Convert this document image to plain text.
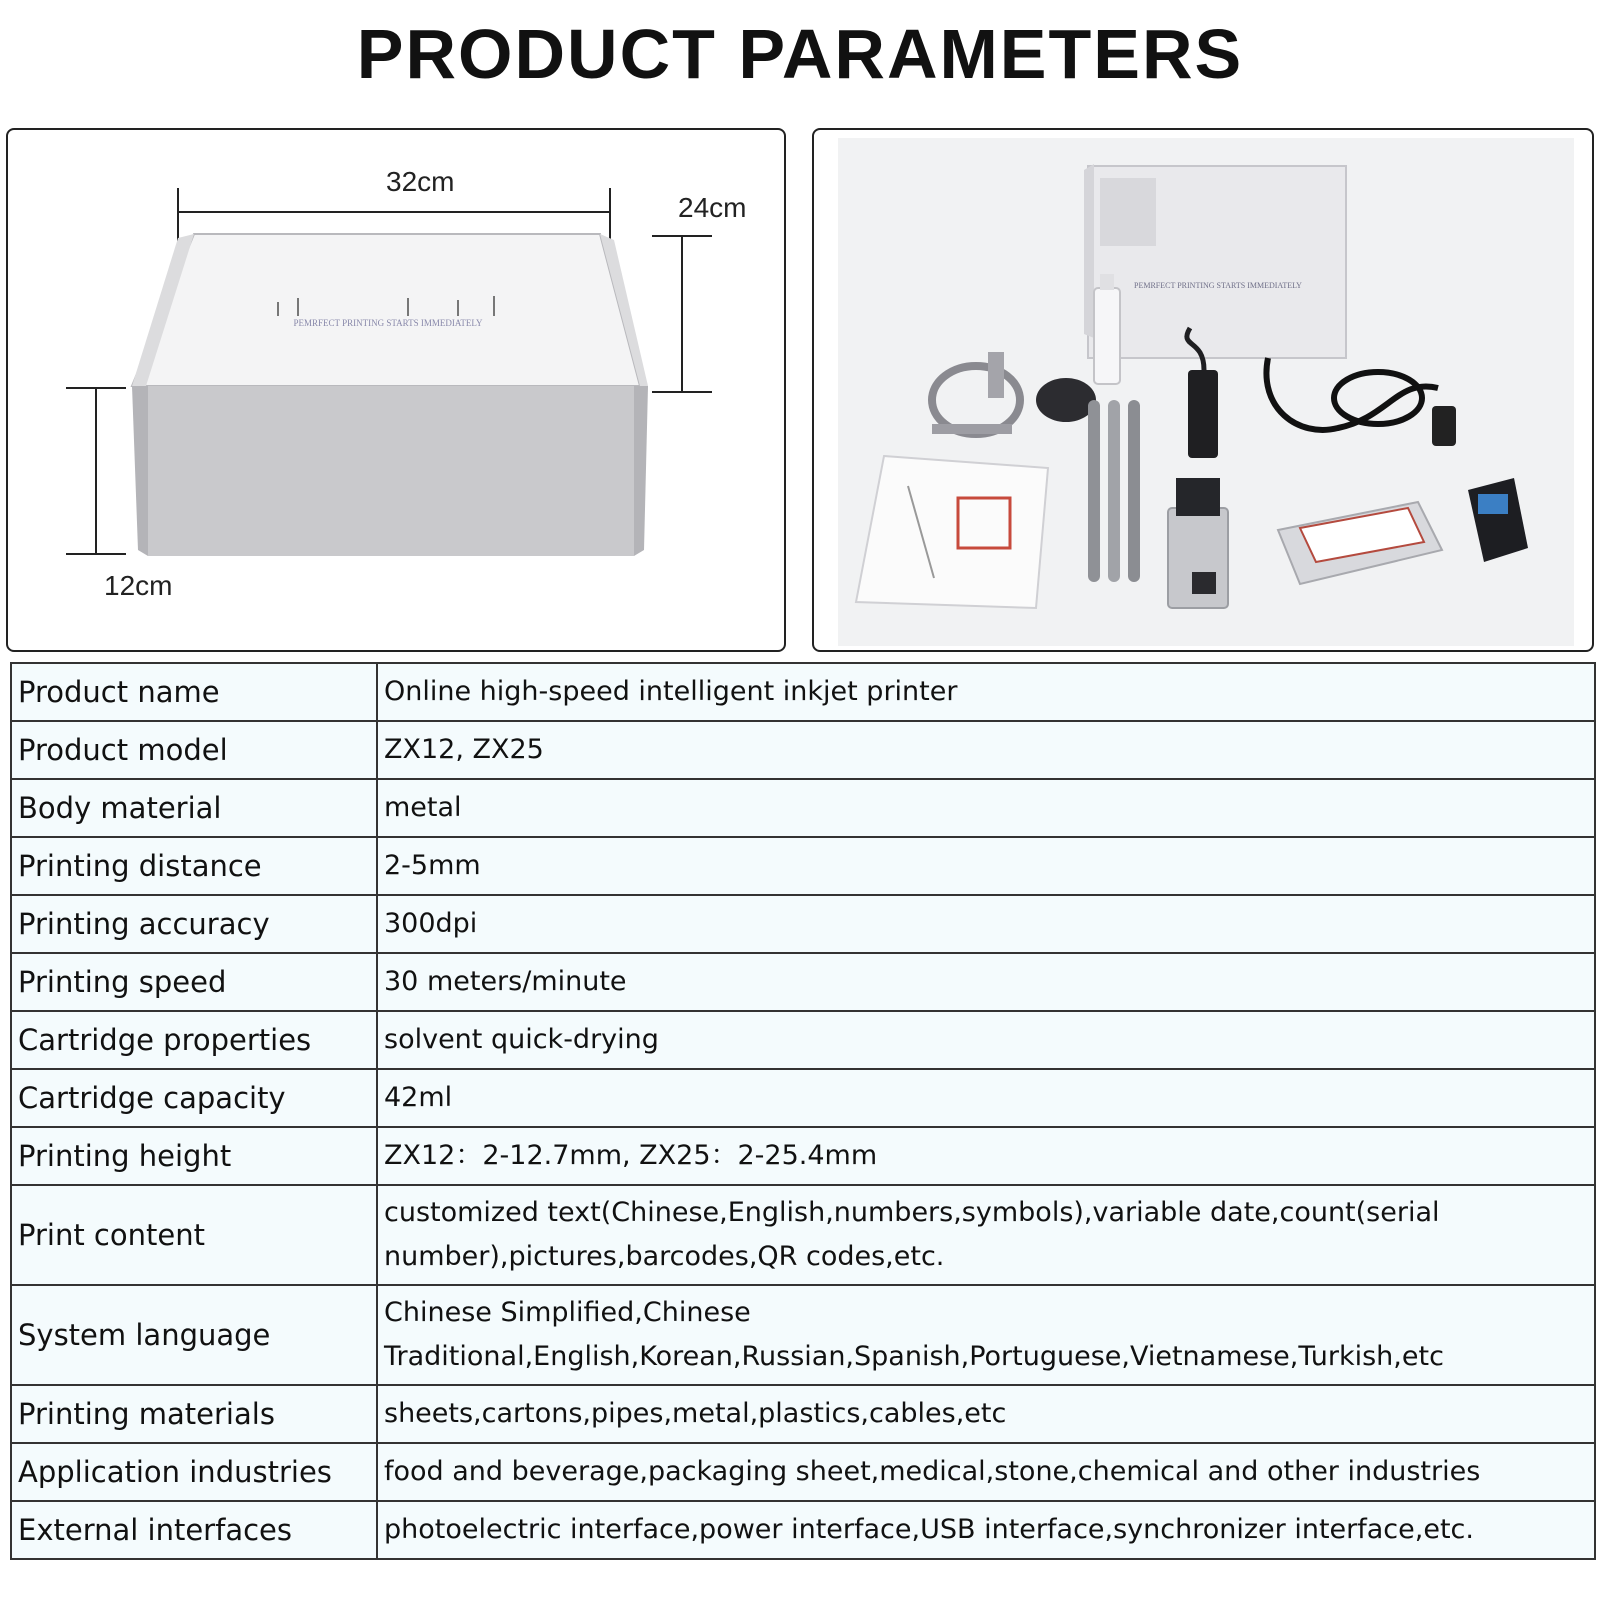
PRODUCT PARAMETERS
PEMRFECT PRINTING STARTS IMMEDIATELY
32cm
24cm
12cm
PEMRFECT PRINTING STARTS IMMEDIATELY
Product name	Online high-speed intelligent inkjet printer
Product model	ZX12, ZX25
Body material	metal
Printing distance	2-5mm
Printing accuracy	300dpi
Printing speed	30 meters/minute
Cartridge properties	solvent quick-drying
Cartridge capacity	42ml
Printing height	ZX12：2-12.7mm, ZX25：2-25.4mm
Print content	customized text(Chinese,English,numbers,symbols),variable date,count(serial number),pictures,barcodes,QR codes,etc.
System language	Chinese Simplified,Chinese Traditional,English,Korean,Russian,Spanish,Portuguese,Vietnamese,Turkish,etc
Printing materials	sheets,cartons,pipes,metal,plastics,cables,etc
Application industries	food and beverage,packaging sheet,medical,stone,chemical and other industries
External interfaces	photoelectric interface,power interface,USB interface,synchronizer interface,etc.
